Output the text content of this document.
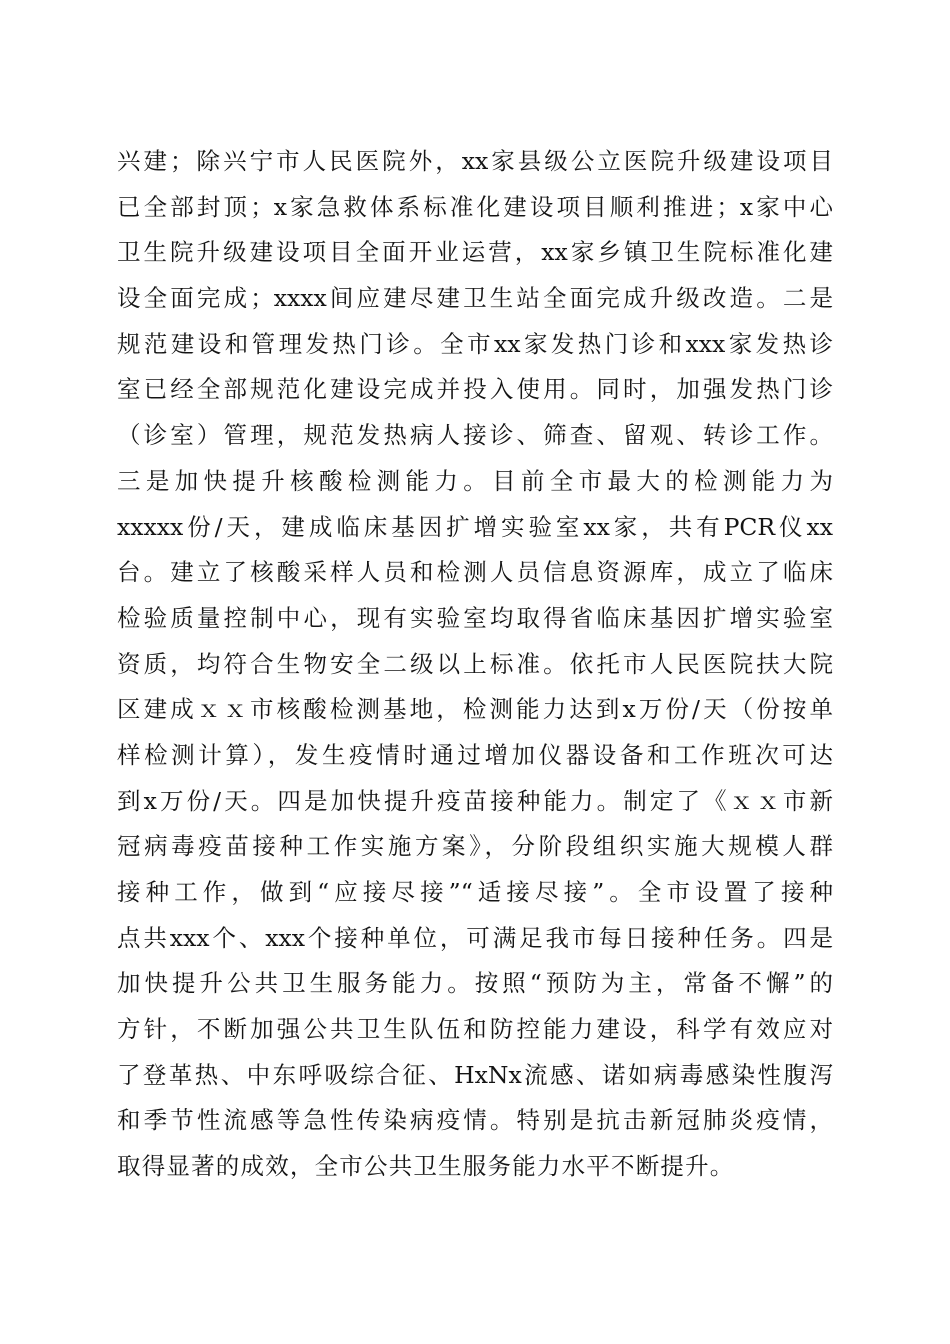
兴建；除兴宁市人民医院外，xx家县级公立医院升级建设项目
已全部封顶；x家急救体系标准化建设项目顺利推进；x家中心
卫生院升级建设项目全面开业运营，xx家乡镇卫生院标准化建
设全面完成；xxxx间应建尽建卫生站全面完成升级改造。二是
规范建设和管理发热门诊。全市xx家发热门诊和xxx家发热诊
室已经全部规范化建设完成并投入使用。同时，加强发热门诊
（诊室）管理，规范发热病人接诊、筛查、留观、转诊工作。
三是加快提升核酸检测能力。目前全市最大的检测能力为
xxxxx份/天，建成临床基因扩增实验室xx家，共有PCR仪xx
台。建立了核酸采样人员和检测人员信息资源库，成立了临床
检验质量控制中心，现有实验室均取得省临床基因扩增实验室
资质，均符合生物安全二级以上标准。依托市人民医院扶大院
区建成ｘｘ市核酸检测基地，检测能力达到x万份/天（份按单
样检测计算），发生疫情时通过增加仪器设备和工作班次可达
到x万份/天。四是加快提升疫苗接种能力。制定了《ｘｘ市新
冠病毒疫苗接种工作实施方案》，分阶段组织实施大规模人群
接种工作，做到“应接尽接”“适接尽接”。全市设置了接种
点共xxx个、xxx个接种单位，可满足我市每日接种任务。四是
加快提升公共卫生服务能力。按照“预防为主，常备不懈”的
方针，不断加强公共卫生队伍和防控能力建设，科学有效应对
了登革热、中东呼吸综合征、HxNx流感、诺如病毒感染性腹泻
和季节性流感等急性传染病疫情。特别是抗击新冠肺炎疫情，
取得显著的成效，全市公共卫生服务能力水平不断提升。
